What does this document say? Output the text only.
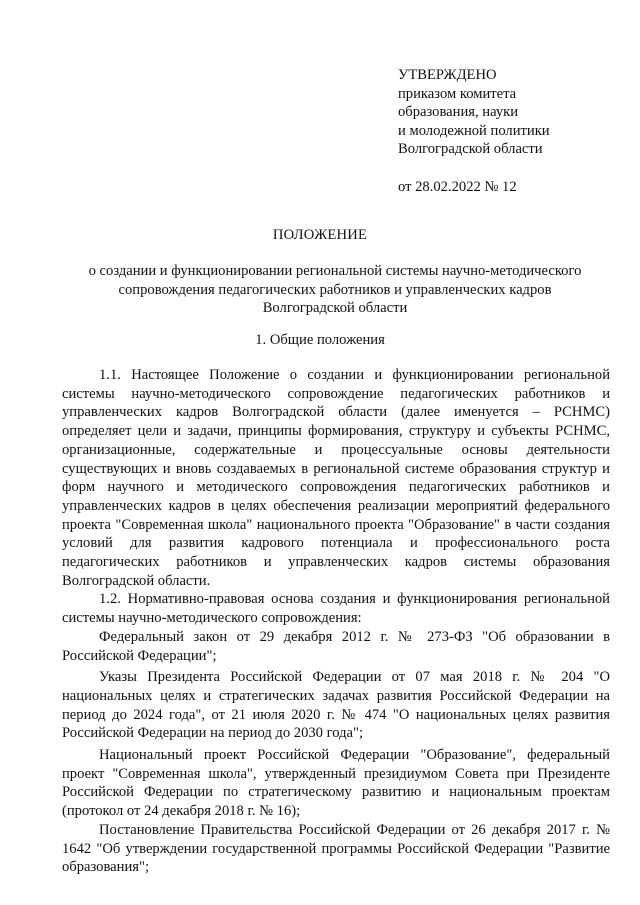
УТВЕРЖДЕНО
приказом комитета
образования, науки
и молодежной политики
Волгоградской области
от 28.02.2022 № 12
ПОЛОЖЕНИЕ
о создании и функционировании региональной системы научно-методического
сопровождения педагогических работников и управленческих кадров
Волгоградской области
1. Общие положения

1.1. Настоящее Положение о создании и функционировании региональной системы научно-методического сопровождение педагогических работников и управленческих кадров Волгоградской области (далее именуется – РСНМС) определяет цели и задачи, принципы формирования, структуру и субъекты РСНМС, организационные, содержательные и процессуальные основы деятельности существующих и вновь создаваемых в региональной системе образования структур и форм научного и методического сопровождения педагогических работников и управленческих кадров в целях обеспечения реализации мероприятий федерального проекта "Современная школа" национального проекта "Образование" в части создания условий для развития кадрового потенциала и профессионального роста педагогических работников и управленческих кадров системы образования Волгоградской области.

1.2. Нормативно-правовая основа создания и функционирования региональной системы научно-методического сопровождения:

Федеральный закон от 29 декабря 2012 г. № 273-ФЗ "Об образовании в Российской Федерации";

Указы Президента Российской Федерации от 07 мая 2018 г. № 204 "О национальных целях и стратегических задачах развития Российской Федерации на период до 2024 года", от 21 июля 2020 г. № 474 "О национальных целях развития Российской Федерации на период до 2030 года";

Национальный проект Российской Федерации "Образование", федеральный проект "Современная школа", утвержденный президиумом Совета при Президенте Российской Федерации по стратегическому развитию и национальным проектам (протокол от 24 декабря 2018 г. № 16);

Постановление Правительства Российской Федерации от 26 декабря 2017 г. № 1642 "Об утверждении государственной программы Российской Федерации "Развитие образования";
